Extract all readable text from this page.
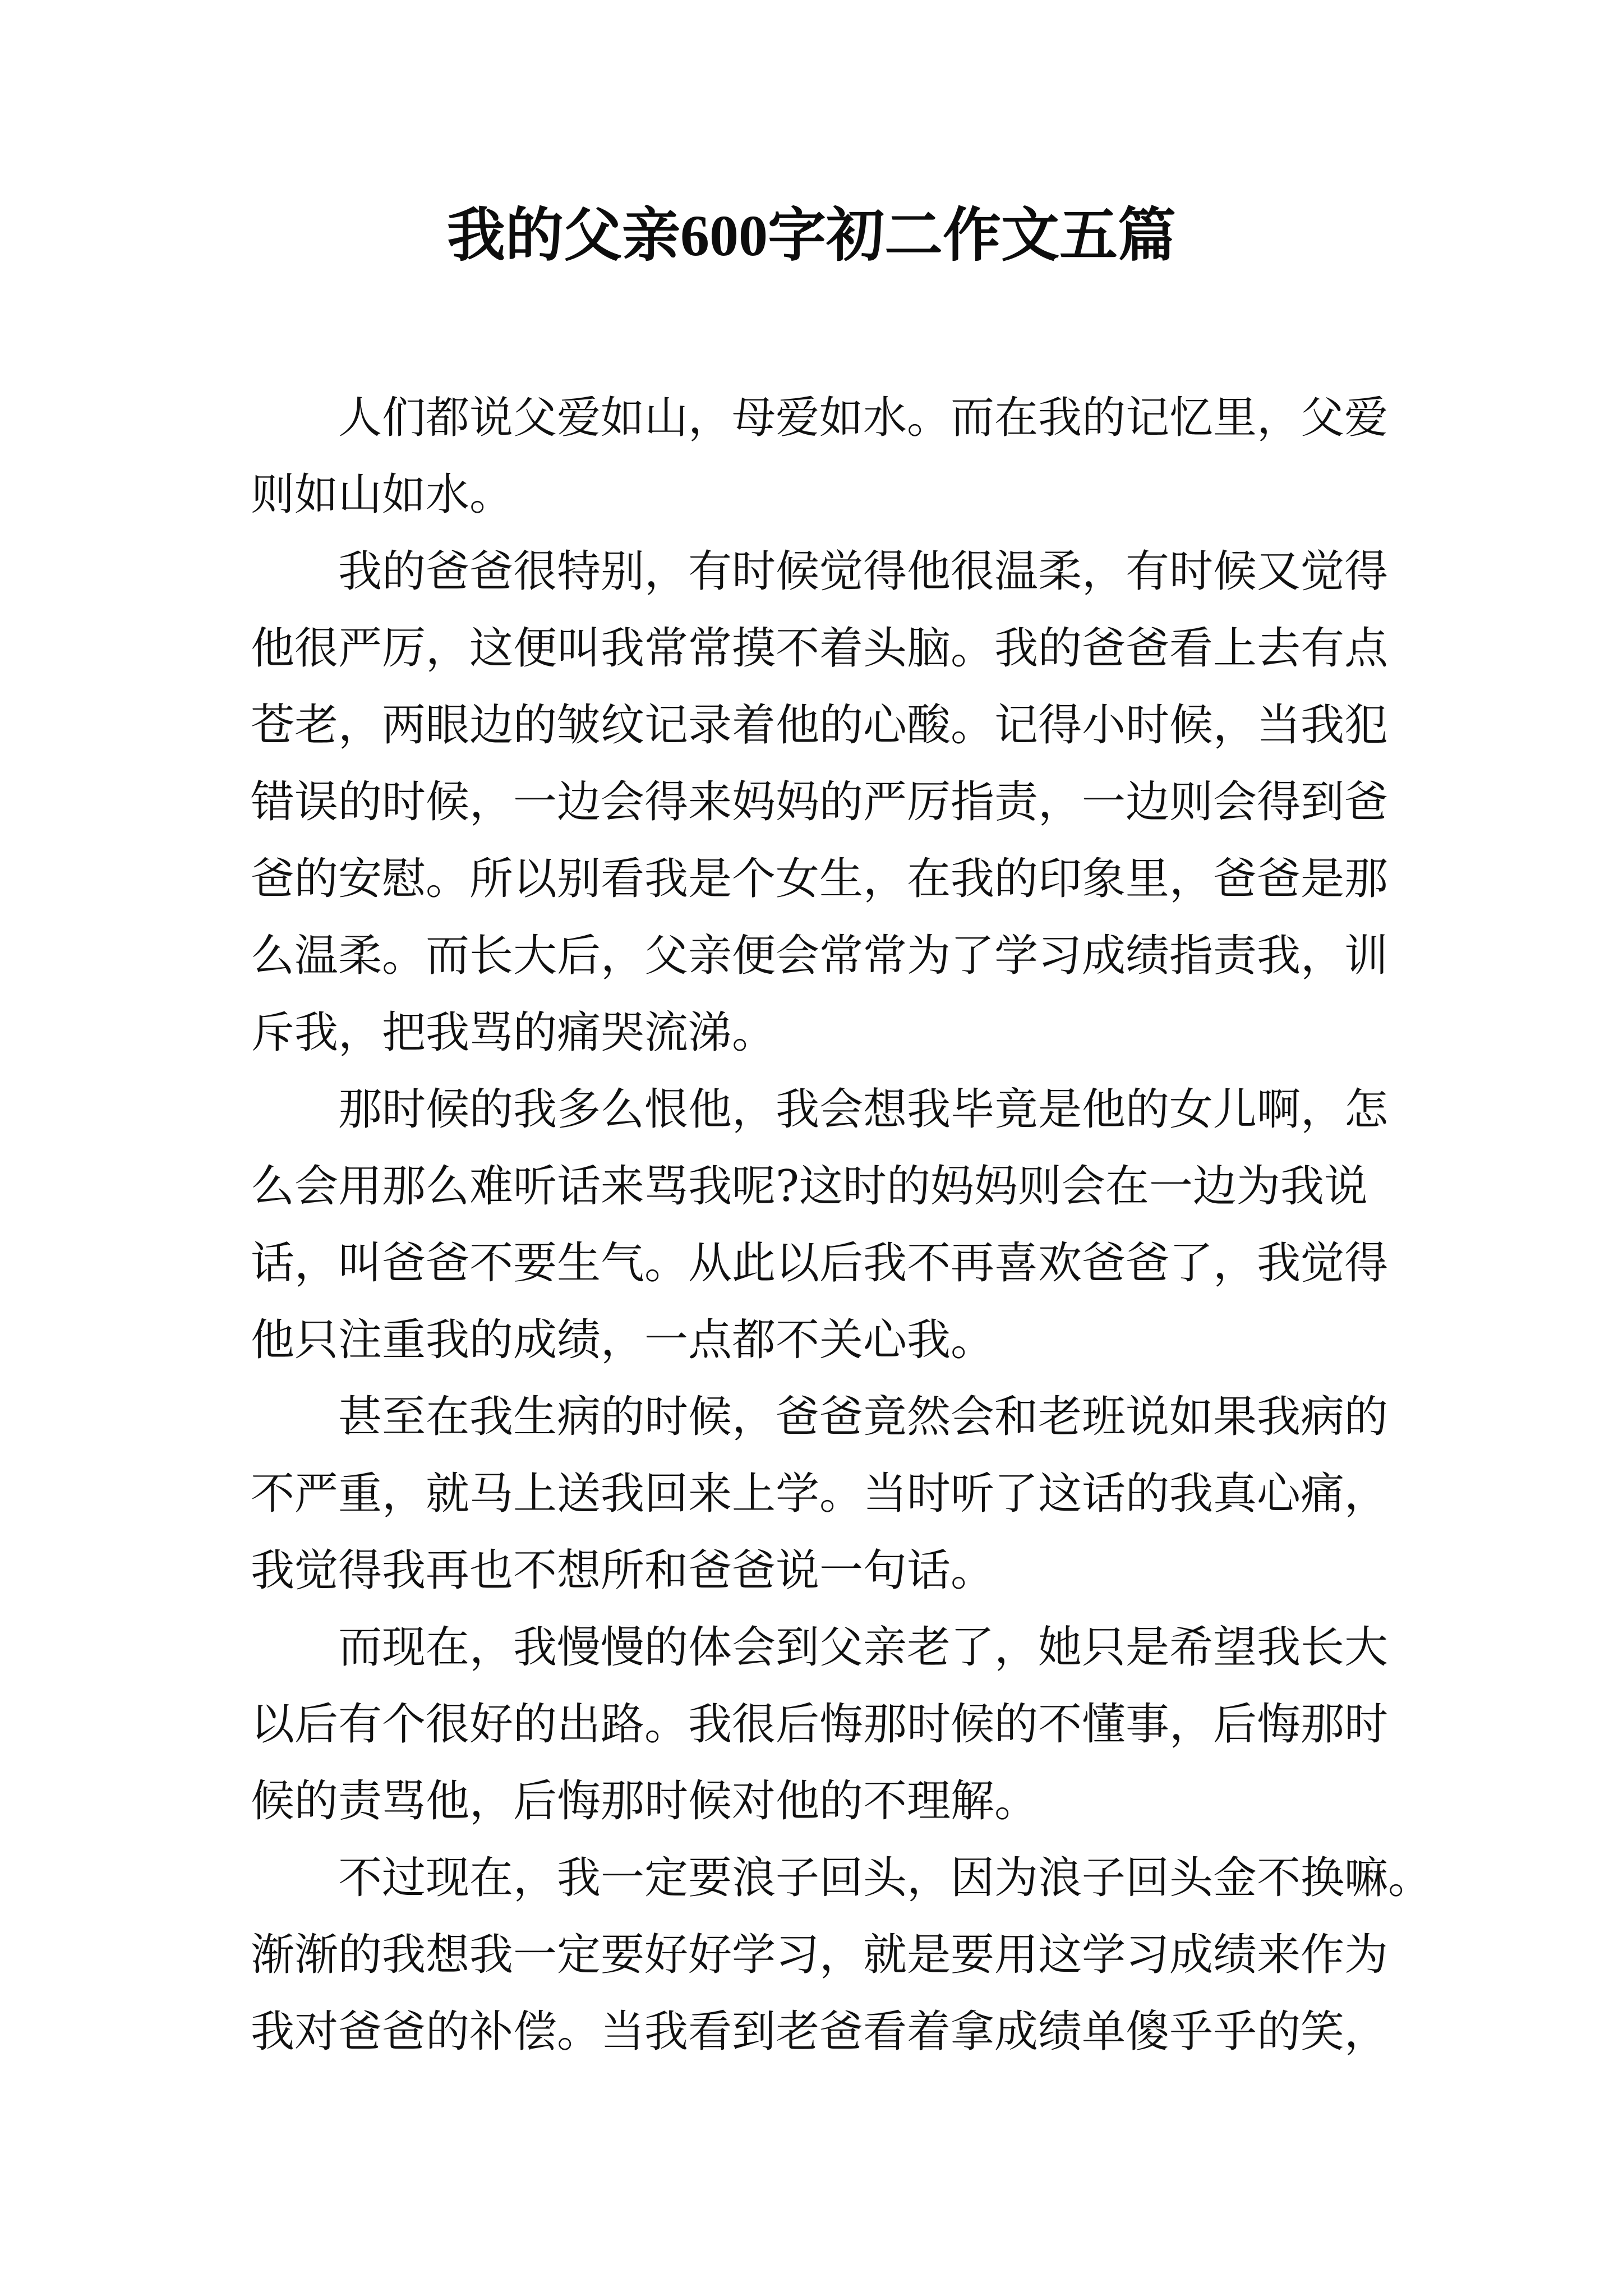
我的父亲600字初二作文五篇
人们都说父爱如山，母爱如水。而在我的记忆里，父爱
则如山如水。
我的爸爸很特别，有时候觉得他很温柔，有时候又觉得
他很严厉，这便叫我常常摸不着头脑。我的爸爸看上去有点
苍老，两眼边的皱纹记录着他的心酸。记得小时候，当我犯
错误的时候，一边会得来妈妈的严厉指责，一边则会得到爸
爸的安慰。所以别看我是个女生，在我的印象里，爸爸是那
么温柔。而长大后，父亲便会常常为了学习成绩指责我，训
斥我，把我骂的痛哭流涕。
那时候的我多么恨他，我会想我毕竟是他的女儿啊，怎
么会用那么难听话来骂我呢?这时的妈妈则会在一边为我说
话，叫爸爸不要生气。从此以后我不再喜欢爸爸了，我觉得
他只注重我的成绩，一点都不关心我。
甚至在我生病的时候，爸爸竟然会和老班说如果我病的
不严重，就马上送我回来上学。当时听了这话的我真心痛，
我觉得我再也不想所和爸爸说一句话。
而现在，我慢慢的体会到父亲老了，她只是希望我长大
以后有个很好的出路。我很后悔那时候的不懂事，后悔那时
候的责骂他，后悔那时候对他的不理解。
不过现在，我一定要浪子回头，因为浪子回头金不换嘛。
渐渐的我想我一定要好好学习，就是要用这学习成绩来作为
我对爸爸的补偿。当我看到老爸看着拿成绩单傻乎乎的笑，
